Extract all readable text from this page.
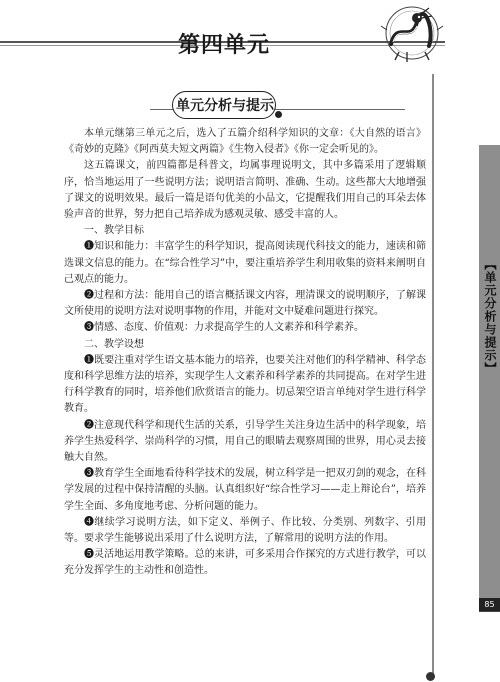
第四单元
单元分析与提示

本单元继第三单元之后，选入了五篇介绍科学知识的文章：《大自然的语言》《奇妙的克隆》《阿西莫夫短文两篇》《生物入侵者》《你一定会听见的》。

这五篇课文，前四篇都是科普文，均属事理说明文，其中多篇采用了逻辑顺序，恰当地运用了一些说明方法；说明语言简明、准确、生动。这些都大大地增强了课文的说明效果。最后一篇是语句优美的小品文，它提醒我们用自己的耳朵去体验声音的世界，努力把自己培养成为感观灵敏、感受丰富的人。

一、教学目标

❶知识和能力：丰富学生的科学知识，提高阅读现代科技文的能力，速读和筛选课文信息的能力。在“综合性学习”中，要注重培养学生利用收集的资料来阐明自己观点的能力。

❷过程和方法：能用自己的语言概括课文内容，理清课文的说明顺序，了解课文所使用的说明方法对说明事物的作用，并能对文中疑难问题进行探究。

❸情感、态度、价值观：力求提高学生的人文素养和科学素养。

二、教学设想

❶既要注重对学生语文基本能力的培养，也要关注对他们的科学精神、科学态度和科学思维方法的培养，实现学生人文素养和科学素养的共同提高。在对学生进行科学教育的同时，培养他们欣赏语言的能力。切忌架空语言单纯对学生进行科学教育。

❷注意现代科学和现代生活的关系，引导学生关注身边生活中的科学现象，培养学生热爱科学、崇尚科学的习惯，用自己的眼睛去观察周围的世界，用心灵去接触大自然。

❸教育学生全面地看待科学技术的发展，树立科学是一把双刃剑的观念，在科学发展的过程中保持清醒的头脑。认真组织好“综合性学习——走上辩论台”，培养学生全面、多角度地考虑、分析问题的能力。

❹继续学习说明方法，如下定义、举例子、作比较、分类别、列数字、引用等。要求学生能够说出采用了什么说明方法，了解常用的说明方法的作用。

❺灵活地运用教学策略。总的来讲，可多采用合作探究的方式进行教学，可以充分发挥学生的主动性和创造性。

【单元分析与提示】
85
